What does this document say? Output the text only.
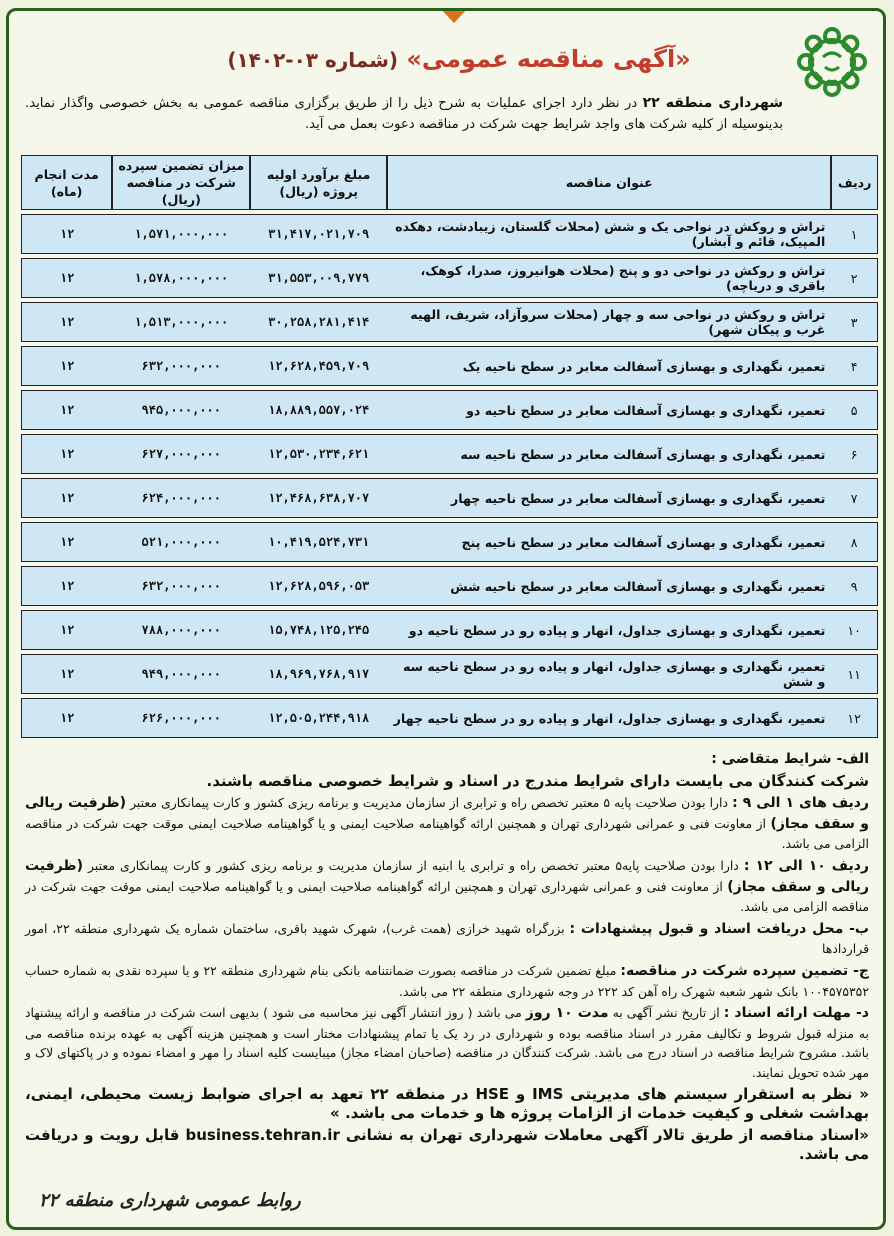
«آگهی مناقصه عمومی» (شماره ۰۳-۱۴۰۲)
شهرداری منطقه ۲۲ در نظر دارد اجرای عملیات به شرح ذیل را از طریق برگزاری مناقصه عمومی به بخش خصوصی واگذار نماید. بدینوسیله از کلیه شرکت های واجد شرایط جهت شرکت در مناقصه دعوت بعمل می آید.
ردیف	عنوان مناقصه	مبلغ برآورد اولیه پروژه (ریال)	میزان تضمین سپرده شرکت در مناقصه (ریال)	مدت انجام (ماه)
۱	تراش و روکش در نواحی یک و شش (محلات گلستان، زیبادشت، دهکده المپیک، قائم و آبشار)	۳۱,۴۱۷,۰۲۱,۷۰۹	۱,۵۷۱,۰۰۰,۰۰۰	۱۲
۲	تراش و روکش در نواحی دو و پنج (محلات هوانیروز، صدرا، کوهک، باقری و دریاچه)	۳۱,۵۵۳,۰۰۹,۷۷۹	۱,۵۷۸,۰۰۰,۰۰۰	۱۲
۳	تراش و روکش در نواحی سه و چهار (محلات سروآزاد، شریف، الهیه غرب و پیکان شهر)	۳۰,۲۵۸,۲۸۱,۴۱۴	۱,۵۱۳,۰۰۰,۰۰۰	۱۲
۴	تعمیر، نگهداری و بهسازی آسفالت معابر در سطح ناحیه یک	۱۲,۶۲۸,۴۵۹,۷۰۹	۶۳۲,۰۰۰,۰۰۰	۱۲
۵	تعمیر، نگهداری و بهسازی آسفالت معابر در سطح ناحیه دو	۱۸,۸۸۹,۵۵۷,۰۲۴	۹۴۵,۰۰۰,۰۰۰	۱۲
۶	تعمیر، نگهداری و بهسازی آسفالت معابر در سطح ناحیه سه	۱۲,۵۳۰,۲۳۴,۶۲۱	۶۲۷,۰۰۰,۰۰۰	۱۲
۷	تعمیر، نگهداری و بهسازی آسفالت معابر در سطح ناحیه چهار	۱۲,۴۶۸,۶۳۸,۷۰۷	۶۲۴,۰۰۰,۰۰۰	۱۲
۸	تعمیر، نگهداری و بهسازی آسفالت معابر در سطح ناحیه پنج	۱۰,۴۱۹,۵۲۴,۷۳۱	۵۲۱,۰۰۰,۰۰۰	۱۲
۹	تعمیر، نگهداری و بهسازی آسفالت معابر در سطح ناحیه شش	۱۲,۶۲۸,۵۹۶,۰۵۳	۶۳۲,۰۰۰,۰۰۰	۱۲
۱۰	تعمیر، نگهداری و بهسازی جداول، انهار و پیاده رو در سطح ناحیه دو	۱۵,۷۴۸,۱۲۵,۲۴۵	۷۸۸,۰۰۰,۰۰۰	۱۲
۱۱	تعمیر، نگهداری و بهسازی جداول، انهار و پیاده رو در سطح ناحیه سه و شش	۱۸,۹۶۹,۷۶۸,۹۱۷	۹۴۹,۰۰۰,۰۰۰	۱۲
۱۲	تعمیر، نگهداری و بهسازی جداول، انهار و پیاده رو در سطح ناحیه چهار	۱۲,۵۰۵,۲۴۴,۹۱۸	۶۲۶,۰۰۰,۰۰۰	۱۲

الف- شرایط متقاضی :

شرکت کنندگان می بایست دارای شرایط مندرج در اسناد و شرایط خصوصی مناقصه باشند.

ردیف های ۱ الی ۹ : دارا بودن صلاحیت پایه ۵ معتبر تخصص راه و ترابری از سازمان مدیریت و برنامه ریزی کشور و کارت پیمانکاری معتبر (ظرفیت ریالی و سقف مجاز) از معاونت فنی و عمرانی شهرداری تهران و همچنین ارائه گواهینامه صلاحیت ایمنی و یا گواهینامه صلاحیت ایمنی موقت جهت شرکت در مناقصه الزامی می باشد.

ردیف ۱۰ الی ۱۲ : دارا بودن صلاحیت پایه۵ معتبر تخصص راه و ترابری یا ابنیه از سازمان مدیریت و برنامه ریزی کشور و کارت پیمانکاری معتبر (ظرفیت ریالی و سقف مجاز) از معاونت فنی و عمرانی شهرداری تهران و همچنین ارائه گواهینامه صلاحیت ایمنی و یا گواهینامه صلاحیت ایمنی موقت جهت شرکت در مناقصه الزامی می باشد.

ب- محل دریافت اسناد و قبول پیشنهادات : بزرگراه شهید خرازی (همت غرب)، شهرک شهید باقری، ساختمان شماره یک شهرداری منطقه ۲۲، امور قراردادها

ج- تضمین سپرده شرکت در مناقصه: مبلغ تضمین شرکت در مناقصه بصورت ضمانتنامه بانکی بنام شهرداری منطقه ۲۲ و یا سپرده نقدی به شماره حساب ۱۰۰۴۵۷۵۳۵۲ بانک شهر شعبه شهرک راه آهن کد ۲۲۲ در وجه شهرداری منطقه ۲۲ می باشد.

د- مهلت ارائه اسناد : از تاریخ نشر آگهی به مدت ۱۰ روز می باشد ( روز انتشار آگهی نیز محاسبه می شود ) بدیهی است شرکت در مناقصه و ارائه پیشنهاد به منزله قبول شروط و تکالیف مقرر در اسناد مناقصه بوده و شهرداری در رد یک یا تمام پیشنهادات مختار است و همچنین هزینه آگهی به عهده برنده مناقصه می باشد. مشروح شرایط مناقصه در اسناد درج می باشد. شرکت کنندگان در مناقصه (صاحبان امضاء مجاز) میبایست کلیه اسناد را مهر و امضاء نموده و در پاکتهای لاک و مهر شده تحویل نمایند.

« نظر به استقرار سیستم های مدیریتی IMS و HSE در منطقه ۲۲ تعهد به اجرای ضوابط زیست محیطی، ایمنی، بهداشت شغلی و کیفیت خدمات از الزامات پروژه ها و خدمات می باشد. »

«اسناد مناقصه از طریق تالار آگهی معاملات شهرداری تهران به نشانی business.tehran.ir قابل رویت و دریافت می باشد.

روابط عمومی شهرداری منطقه ۲۲
